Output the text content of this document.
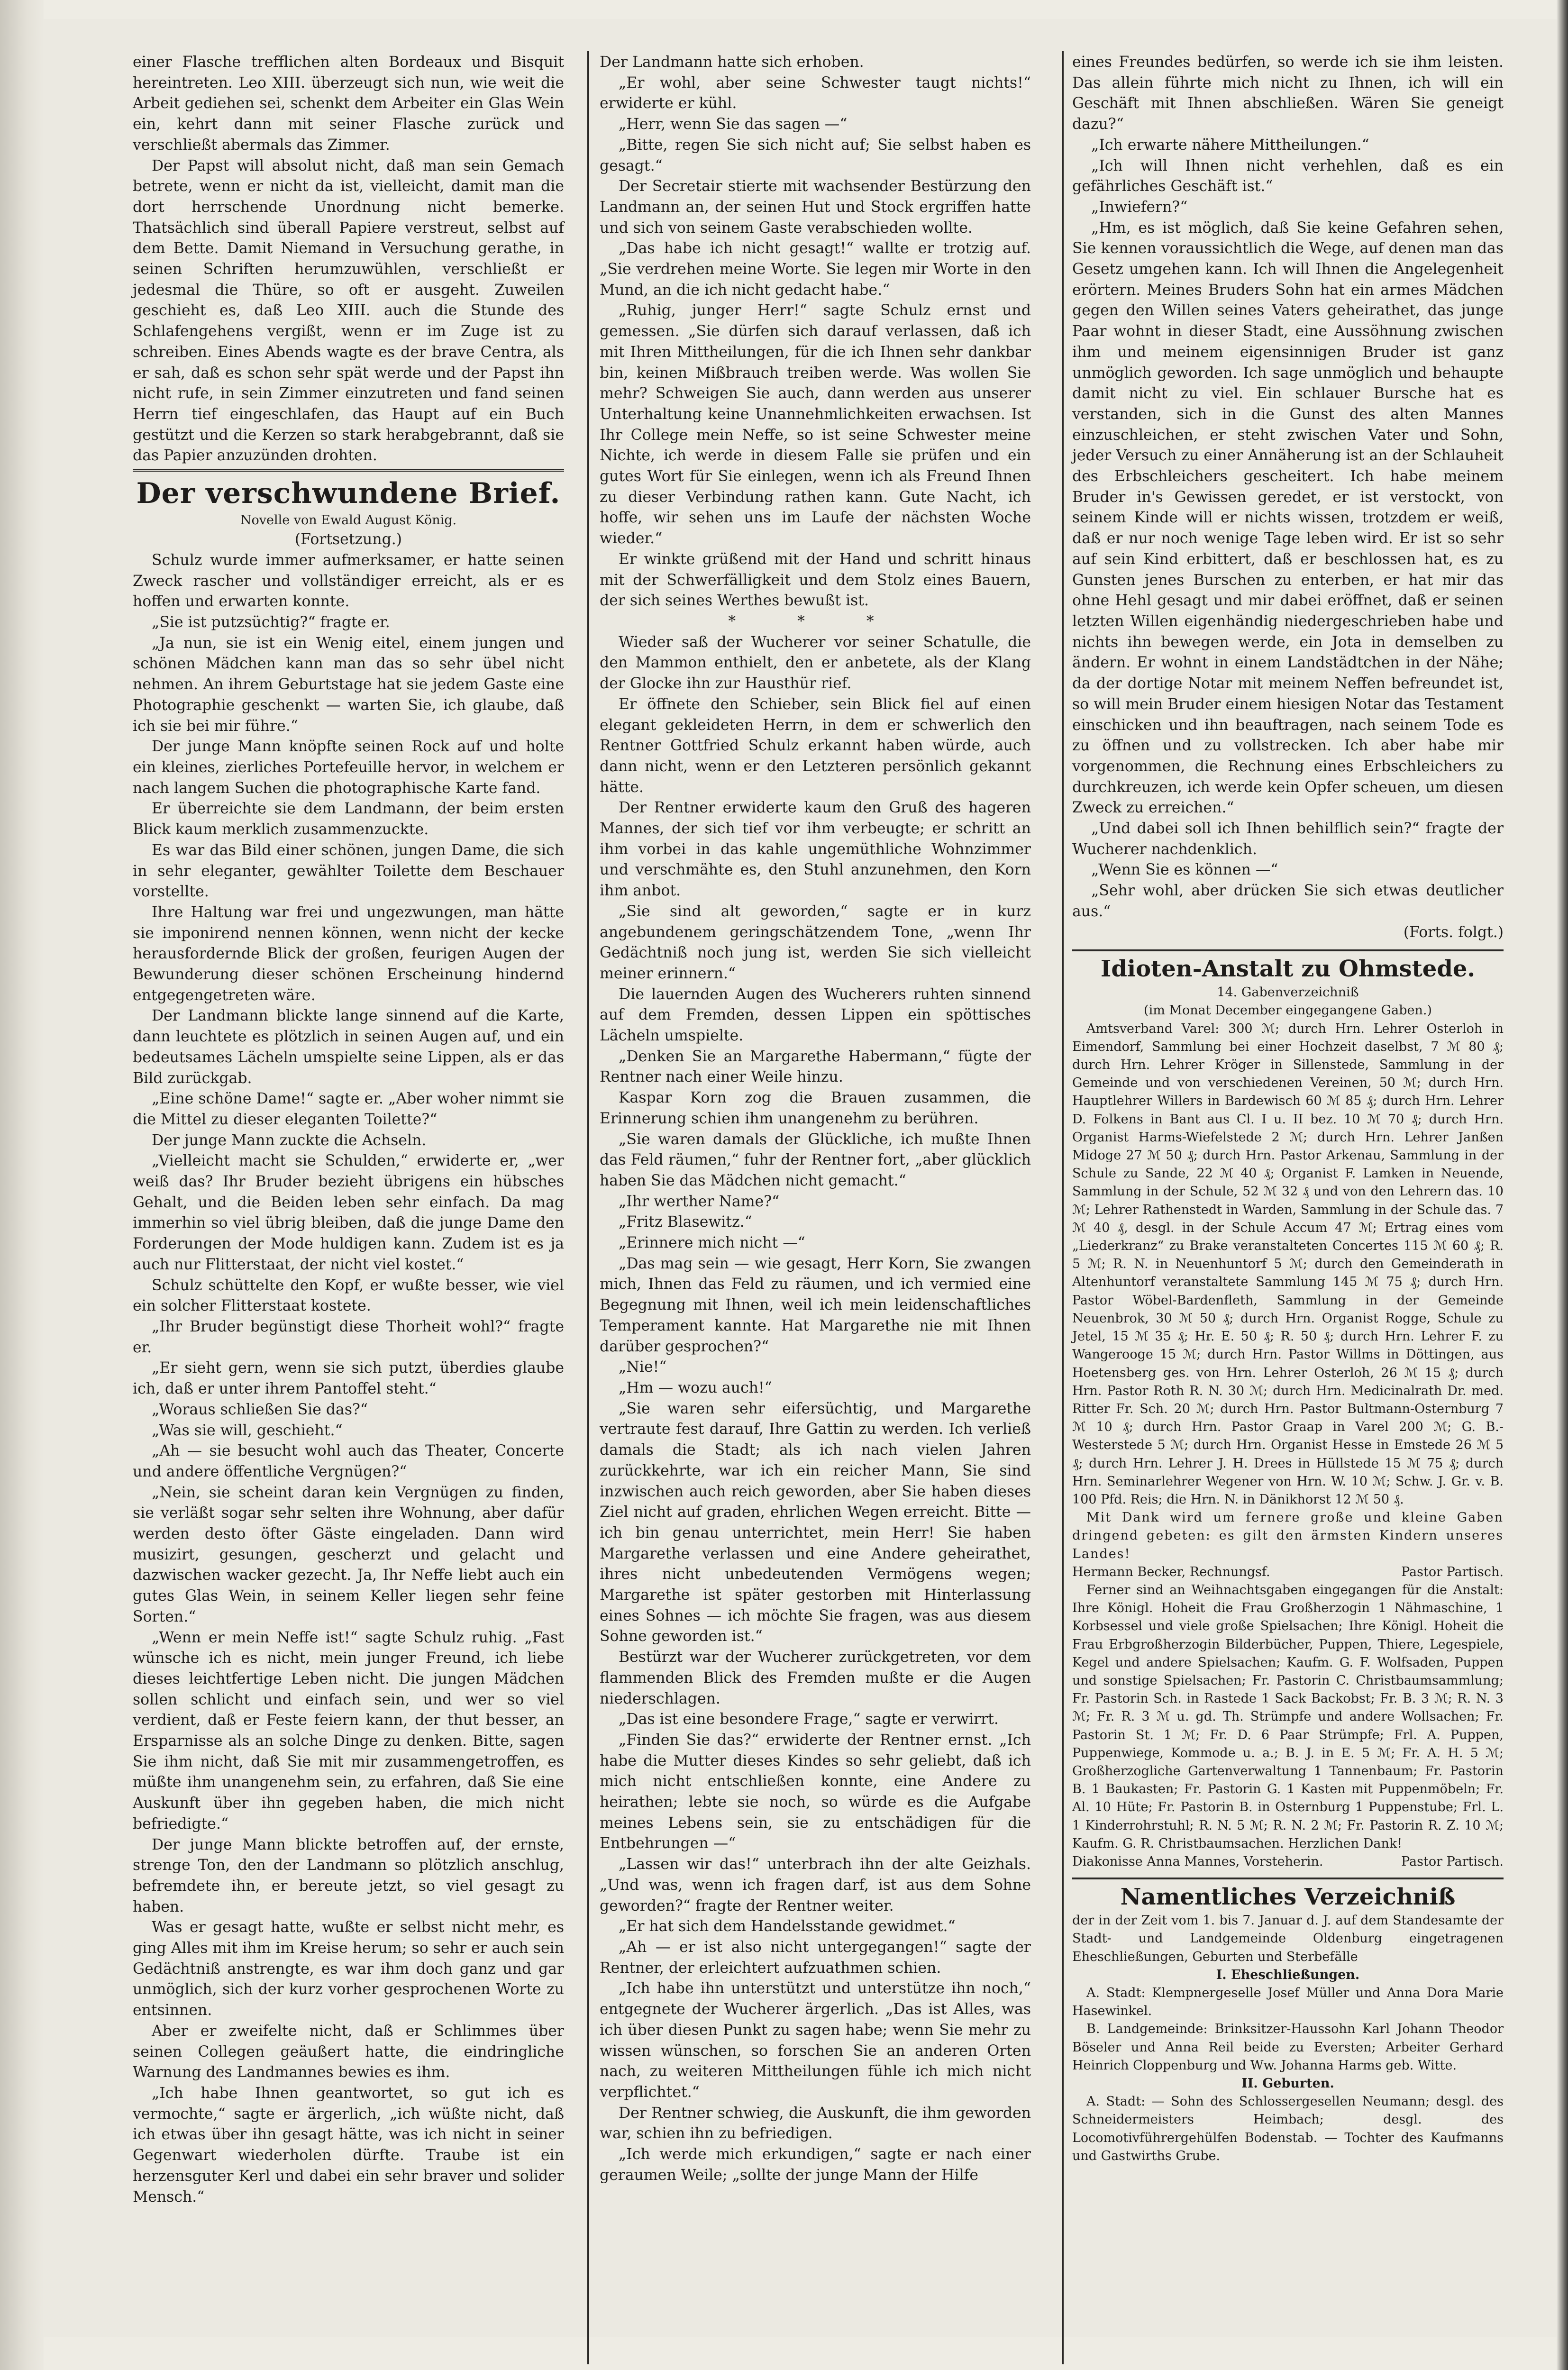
einer Flasche trefflichen alten Bordeaux und Bisquit hereintreten. Leo XIII. überzeugt sich nun, wie weit die Arbeit gediehen sei, schenkt dem Arbeiter ein Glas Wein ein, kehrt dann mit seiner Flasche zurück und verschließt abermals das Zimmer.

Der Papst will absolut nicht, daß man sein Gemach betrete, wenn er nicht da ist, vielleicht, damit man die dort herrschende Unordnung nicht bemerke. Thatsächlich sind überall Papiere verstreut, selbst auf dem Bette. Damit Niemand in Versuchung gerathe, in seinen Schriften herumzuwühlen, verschließt er jedesmal die Thüre, so oft er ausgeht. Zuweilen geschieht es, daß Leo XIII. auch die Stunde des Schlafengehens vergißt, wenn er im Zuge ist zu schreiben. Eines Abends wagte es der brave Centra, als er sah, daß es schon sehr spät werde und der Papst ihn nicht rufe, in sein Zimmer einzutreten und fand seinen Herrn tief eingeschlafen, das Haupt auf ein Buch gestützt und die Kerzen so stark herabgebrannt, daß sie das Papier anzuzünden drohten.

Der verschwundene Brief.

Novelle von Ewald August König.

(Fortsetzung.)

Schulz wurde immer aufmerksamer, er hatte seinen Zweck rascher und vollständiger erreicht, als er es hoffen und erwarten konnte.

„Sie ist putzsüchtig?“ fragte er.

„Ja nun, sie ist ein Wenig eitel, einem jungen und schönen Mädchen kann man das so sehr übel nicht nehmen. An ihrem Geburtstage hat sie jedem Gaste eine Photographie geschenkt — warten Sie, ich glaube, daß ich sie bei mir führe.“

Der junge Mann knöpfte seinen Rock auf und holte ein kleines, zierliches Portefeuille hervor, in welchem er nach langem Suchen die photographische Karte fand.

Er überreichte sie dem Landmann, der beim ersten Blick kaum merklich zusammenzuckte.

Es war das Bild einer schönen, jungen Dame, die sich in sehr eleganter, gewählter Toilette dem Beschauer vorstellte.

Ihre Haltung war frei und ungezwungen, man hätte sie imponirend nennen können, wenn nicht der kecke herausfordernde Blick der großen, feurigen Augen der Bewunderung dieser schönen Erscheinung hindernd entgegengetreten wäre.

Der Landmann blickte lange sinnend auf die Karte, dann leuchtete es plötzlich in seinen Augen auf, und ein bedeutsames Lächeln umspielte seine Lippen, als er das Bild zurückgab.

„Eine schöne Dame!“ sagte er. „Aber woher nimmt sie die Mittel zu dieser eleganten Toilette?“

Der junge Mann zuckte die Achseln.

„Vielleicht macht sie Schulden,“ erwiderte er, „wer weiß das? Ihr Bruder bezieht übrigens ein hübsches Gehalt, und die Beiden leben sehr einfach. Da mag immerhin so viel übrig bleiben, daß die junge Dame den Forderungen der Mode huldigen kann. Zudem ist es ja auch nur Flitterstaat, der nicht viel kostet.“

Schulz schüttelte den Kopf, er wußte besser, wie viel ein solcher Flitterstaat kostete.

„Ihr Bruder begünstigt diese Thorheit wohl?“ fragte er.

„Er sieht gern, wenn sie sich putzt, überdies glaube ich, daß er unter ihrem Pantoffel steht.“

„Woraus schließen Sie das?“

„Was sie will, geschieht.“

„Ah — sie besucht wohl auch das Theater, Concerte und andere öffentliche Vergnügen?“

„Nein, sie scheint daran kein Vergnügen zu finden, sie verläßt sogar sehr selten ihre Wohnung, aber dafür werden desto öfter Gäste eingeladen. Dann wird musizirt, gesungen, gescherzt und gelacht und dazwischen wacker gezecht. Ja, Ihr Neffe liebt auch ein gutes Glas Wein, in seinem Keller liegen sehr feine Sorten.“

„Wenn er mein Neffe ist!“ sagte Schulz ruhig. „Fast wünsche ich es nicht, mein junger Freund, ich liebe dieses leichtfertige Leben nicht. Die jungen Mädchen sollen schlicht und einfach sein, und wer so viel verdient, daß er Feste feiern kann, der thut besser, an Ersparnisse als an solche Dinge zu denken. Bitte, sagen Sie ihm nicht, daß Sie mit mir zusammengetroffen, es müßte ihm unangenehm sein, zu erfahren, daß Sie eine Auskunft über ihn gegeben haben, die mich nicht befriedigte.“

Der junge Mann blickte betroffen auf, der ernste, strenge Ton, den der Landmann so plötzlich anschlug, befremdete ihn, er bereute jetzt, so viel gesagt zu haben.

Was er gesagt hatte, wußte er selbst nicht mehr, es ging Alles mit ihm im Kreise herum; so sehr er auch sein Gedächtniß anstrengte, es war ihm doch ganz und gar unmöglich, sich der kurz vorher gesprochenen Worte zu entsinnen.

Aber er zweifelte nicht, daß er Schlimmes über seinen Collegen geäußert hatte, die eindringliche Warnung des Landmannes bewies es ihm.

„Ich habe Ihnen geantwortet, so gut ich es vermochte,“ sagte er ärgerlich, „ich wüßte nicht, daß ich etwas über ihn gesagt hätte, was ich nicht in seiner Gegenwart wiederholen dürfte. Traube ist ein herzensguter Kerl und dabei ein sehr braver und solider Mensch.“

Der Landmann hatte sich erhoben.

„Er wohl, aber seine Schwester taugt nichts!“ erwiderte er kühl.

„Herr, wenn Sie das sagen —“

„Bitte, regen Sie sich nicht auf; Sie selbst haben es gesagt.“

Der Secretair stierte mit wachsender Bestürzung den Landmann an, der seinen Hut und Stock ergriffen hatte und sich von seinem Gaste verabschieden wollte.

„Das habe ich nicht gesagt!“ wallte er trotzig auf. „Sie verdrehen meine Worte. Sie legen mir Worte in den Mund, an die ich nicht gedacht habe.“

„Ruhig, junger Herr!“ sagte Schulz ernst und gemessen. „Sie dürfen sich darauf verlassen, daß ich mit Ihren Mittheilungen, für die ich Ihnen sehr dankbar bin, keinen Mißbrauch treiben werde. Was wollen Sie mehr? Schweigen Sie auch, dann werden aus unserer Unterhaltung keine Unannehmlichkeiten erwachsen. Ist Ihr College mein Neffe, so ist seine Schwester meine Nichte, ich werde in diesem Falle sie prüfen und ein gutes Wort für Sie einlegen, wenn ich als Freund Ihnen zu dieser Verbindung rathen kann. Gute Nacht, ich hoffe, wir sehen uns im Laufe der nächsten Woche wieder.“

Er winkte grüßend mit der Hand und schritt hinaus mit der Schwerfälligkeit und dem Stolz eines Bauern, der sich seines Werthes bewußt ist.

* * *

Wieder saß der Wucherer vor seiner Schatulle, die den Mammon enthielt, den er anbetete, als der Klang der Glocke ihn zur Hausthür rief.

Er öffnete den Schieber, sein Blick fiel auf einen elegant gekleideten Herrn, in dem er schwerlich den Rentner Gottfried Schulz erkannt haben würde, auch dann nicht, wenn er den Letzteren persönlich gekannt hätte.

Der Rentner erwiderte kaum den Gruß des hageren Mannes, der sich tief vor ihm verbeugte; er schritt an ihm vorbei in das kahle ungemüthliche Wohnzimmer und verschmähte es, den Stuhl anzunehmen, den Korn ihm anbot.

„Sie sind alt geworden,“ sagte er in kurz angebundenem geringschätzendem Tone, „wenn Ihr Gedächtniß noch jung ist, werden Sie sich vielleicht meiner erinnern.“

Die lauernden Augen des Wucherers ruhten sinnend auf dem Fremden, dessen Lippen ein spöttisches Lächeln umspielte.

„Denken Sie an Margarethe Habermann,“ fügte der Rentner nach einer Weile hinzu.

Kaspar Korn zog die Brauen zusammen, die Erinnerung schien ihm unangenehm zu berühren.

„Sie waren damals der Glückliche, ich mußte Ihnen das Feld räumen,“ fuhr der Rentner fort, „aber glücklich haben Sie das Mädchen nicht gemacht.“

„Ihr werther Name?“

„Fritz Blasewitz.“

„Erinnere mich nicht —“

„Das mag sein — wie gesagt, Herr Korn, Sie zwangen mich, Ihnen das Feld zu räumen, und ich vermied eine Begegnung mit Ihnen, weil ich mein leidenschaftliches Temperament kannte. Hat Margarethe nie mit Ihnen darüber gesprochen?“

„Nie!“

„Hm — wozu auch!“

„Sie waren sehr eifersüchtig, und Margarethe vertraute fest darauf, Ihre Gattin zu werden. Ich verließ damals die Stadt; als ich nach vielen Jahren zurückkehrte, war ich ein reicher Mann, Sie sind inzwischen auch reich geworden, aber Sie haben dieses Ziel nicht auf graden, ehrlichen Wegen erreicht. Bitte — ich bin genau unterrichtet, mein Herr! Sie haben Margarethe verlassen und eine Andere geheirathet, ihres nicht unbedeutenden Vermögens wegen; Margarethe ist später gestorben mit Hinterlassung eines Sohnes — ich möchte Sie fragen, was aus diesem Sohne geworden ist.“

Bestürzt war der Wucherer zurückgetreten, vor dem flammenden Blick des Fremden mußte er die Augen niederschlagen.

„Das ist eine besondere Frage,“ sagte er verwirrt.

„Finden Sie das?“ erwiderte der Rentner ernst. „Ich habe die Mutter dieses Kindes so sehr geliebt, daß ich mich nicht entschließen konnte, eine Andere zu heirathen; lebte sie noch, so würde es die Aufgabe meines Lebens sein, sie zu entschädigen für die Entbehrungen —“

„Lassen wir das!“ unterbrach ihn der alte Geizhals. „Und was, wenn ich fragen darf, ist aus dem Sohne geworden?“ fragte der Rentner weiter.

„Er hat sich dem Handelsstande gewidmet.“

„Ah — er ist also nicht untergegangen!“ sagte der Rentner, der erleichtert aufzuathmen schien.

„Ich habe ihn unterstützt und unterstütze ihn noch,“ entgegnete der Wucherer ärgerlich. „Das ist Alles, was ich über diesen Punkt zu sagen habe; wenn Sie mehr zu wissen wünschen, so forschen Sie an anderen Orten nach, zu weiteren Mittheilungen fühle ich mich nicht verpflichtet.“

Der Rentner schwieg, die Auskunft, die ihm geworden war, schien ihn zu befriedigen.

„Ich werde mich erkundigen,“ sagte er nach einer geraumen Weile; „sollte der junge Mann der Hilfe

eines Freundes bedürfen, so werde ich sie ihm leisten. Das allein führte mich nicht zu Ihnen, ich will ein Geschäft mit Ihnen abschließen. Wären Sie geneigt dazu?“

„Ich erwarte nähere Mittheilungen.“

„Ich will Ihnen nicht verhehlen, daß es ein gefährliches Geschäft ist.“

„Inwiefern?“

„Hm, es ist möglich, daß Sie keine Gefahren sehen, Sie kennen voraussichtlich die Wege, auf denen man das Gesetz umgehen kann. Ich will Ihnen die Angelegenheit erörtern. Meines Bruders Sohn hat ein armes Mädchen gegen den Willen seines Vaters geheirathet, das junge Paar wohnt in dieser Stadt, eine Aussöhnung zwischen ihm und meinem eigensinnigen Bruder ist ganz unmöglich geworden. Ich sage unmöglich und behaupte damit nicht zu viel. Ein schlauer Bursche hat es verstanden, sich in die Gunst des alten Mannes einzuschleichen, er steht zwischen Vater und Sohn, jeder Versuch zu einer Annäherung ist an der Schlauheit des Erbschleichers gescheitert. Ich habe meinem Bruder in's Gewissen geredet, er ist verstockt, von seinem Kinde will er nichts wissen, trotzdem er weiß, daß er nur noch wenige Tage leben wird. Er ist so sehr auf sein Kind erbittert, daß er beschlossen hat, es zu Gunsten jenes Burschen zu enterben, er hat mir das ohne Hehl gesagt und mir dabei eröffnet, daß er seinen letzten Willen eigenhändig niedergeschrieben habe und nichts ihn bewegen werde, ein Jota in demselben zu ändern. Er wohnt in einem Landstädtchen in der Nähe; da der dortige Notar mit meinem Neffen befreundet ist, so will mein Bruder einem hiesigen Notar das Testament einschicken und ihn beauftragen, nach seinem Tode es zu öffnen und zu vollstrecken. Ich aber habe mir vorgenommen, die Rechnung eines Erbschleichers zu durchkreuzen, ich werde kein Opfer scheuen, um diesen Zweck zu erreichen.“

„Und dabei soll ich Ihnen behilflich sein?“ fragte der Wucherer nachdenklich.

„Wenn Sie es können —“

„Sehr wohl, aber drücken Sie sich etwas deutlicher aus.“

(Forts. folgt.)

Idioten-Anstalt zu Ohmstede.

14. Gabenverzeichniß

(im Monat December eingegangene Gaben.)

Amtsverband Varel: 300 ℳ; durch Hrn. Lehrer Osterloh in Eimendorf, Sammlung bei einer Hochzeit daselbst, 7 ℳ 80 ₰; durch Hrn. Lehrer Kröger in Sillenstede, Sammlung in der Gemeinde und von verschiedenen Vereinen, 50 ℳ; durch Hrn. Hauptlehrer Willers in Bardewisch 60 ℳ 85 ₰; durch Hrn. Lehrer D. Folkens in Bant aus Cl. I u. II bez. 10 ℳ 70 ₰; durch Hrn. Organist Harms-Wiefelstede 2 ℳ; durch Hrn. Lehrer Janßen Midoge 27 ℳ 50 ₰; durch Hrn. Pastor Arkenau, Sammlung in der Schule zu Sande, 22 ℳ 40 ₰; Organist F. Lamken in Neuende, Sammlung in der Schule, 52 ℳ 32 ₰ und von den Lehrern das. 10 ℳ; Lehrer Rathenstedt in Warden, Sammlung in der Schule das. 7 ℳ 40 ₰, desgl. in der Schule Accum 47 ℳ; Ertrag eines vom „Liederkranz“ zu Brake veranstalteten Concertes 115 ℳ 60 ₰; R. 5 ℳ; R. N. in Neuenhuntorf 5 ℳ; durch den Gemeinderath in Altenhuntorf veranstaltete Sammlung 145 ℳ 75 ₰; durch Hrn. Pastor Wöbel-Bardenfleth, Sammlung in der Gemeinde Neuenbrok, 30 ℳ 50 ₰; durch Hrn. Organist Rogge, Schule zu Jetel, 15 ℳ 35 ₰; Hr. E. 50 ₰; R. 50 ₰; durch Hrn. Lehrer F. zu Wangerooge 15 ℳ; durch Hrn. Pastor Willms in Döttingen, aus Hoetensberg ges. von Hrn. Lehrer Osterloh, 26 ℳ 15 ₰; durch Hrn. Pastor Roth R. N. 30 ℳ; durch Hrn. Medicinalrath Dr. med. Ritter Fr. Sch. 20 ℳ; durch Hrn. Pastor Bultmann-Osternburg 7 ℳ 10 ₰; durch Hrn. Pastor Graap in Varel 200 ℳ; G. B.-Westerstede 5 ℳ; durch Hrn. Organist Hesse in Emstede 26 ℳ 5 ₰; durch Hrn. Lehrer J. H. Drees in Hüllstede 15 ℳ 75 ₰; durch Hrn. Seminarlehrer Wegener von Hrn. W. 10 ℳ; Schw. J. Gr. v. B. 100 Pfd. Reis; die Hrn. N. in Dänikhorst 12 ℳ 50 ₰.

Mit Dank wird um fernere große und kleine Gaben dringend gebeten: es gilt den ärmsten Kindern unseres Landes!

Hermann Becker, Rechnungsf.	Pastor Partisch.

Ferner sind an Weihnachtsgaben eingegangen für die Anstalt: Ihre Königl. Hoheit die Frau Großherzogin 1 Nähmaschine, 1 Korbsessel und viele große Spielsachen; Ihre Königl. Hoheit die Frau Erbgroßherzogin Bilderbücher, Puppen, Thiere, Legespiele, Kegel und andere Spielsachen; Kaufm. G. F. Wolfsaden, Puppen und sonstige Spielsachen; Fr. Pastorin C. Christbaumsammlung; Fr. Pastorin Sch. in Rastede 1 Sack Backobst; Fr. B. 3 ℳ; R. N. 3 ℳ; Fr. R. 3 ℳ u. gd. Th. Strümpfe und andere Wollsachen; Fr. Pastorin St. 1 ℳ; Fr. D. 6 Paar Strümpfe; Frl. A. Puppen, Puppenwiege, Kommode u. a.; B. J. in E. 5 ℳ; Fr. A. H. 5 ℳ; Großherzogliche Gartenverwaltung 1 Tannenbaum; Fr. Pastorin B. 1 Baukasten; Fr. Pastorin G. 1 Kasten mit Puppenmöbeln; Fr. Al. 10 Hüte; Fr. Pastorin B. in Osternburg 1 Puppenstube; Frl. L. 1 Kinderrohrstuhl; R. N. 5 ℳ; R. N. 2 ℳ; Fr. Pastorin R. Z. 10 ℳ; Kaufm. G. R. Christbaumsachen. Herzlichen Dank!

Diakonisse Anna Mannes, Vorsteherin.	Pastor Partisch.

Namentliches Verzeichniß

der in der Zeit vom 1. bis 7. Januar d. J. auf dem Standesamte der Stadt- und Landgemeinde Oldenburg eingetragenen Eheschließungen, Geburten und Sterbefälle

I. Eheschließungen.

A. Stadt: Klempnergeselle Josef Müller und Anna Dora Marie Hasewinkel.

B. Landgemeinde: Brinksitzer-Haussohn Karl Johann Theodor Böseler und Anna Reil beide zu Eversten; Arbeiter Gerhard Heinrich Cloppenburg und Ww. Johanna Harms geb. Witte.

II. Geburten.

A. Stadt: — Sohn des Schlossergesellen Neumann; desgl. des Schneidermeisters Heimbach; desgl. des Locomotivführergehülfen Bodenstab. — Tochter des Kaufmanns und Gastwirths Grube.
